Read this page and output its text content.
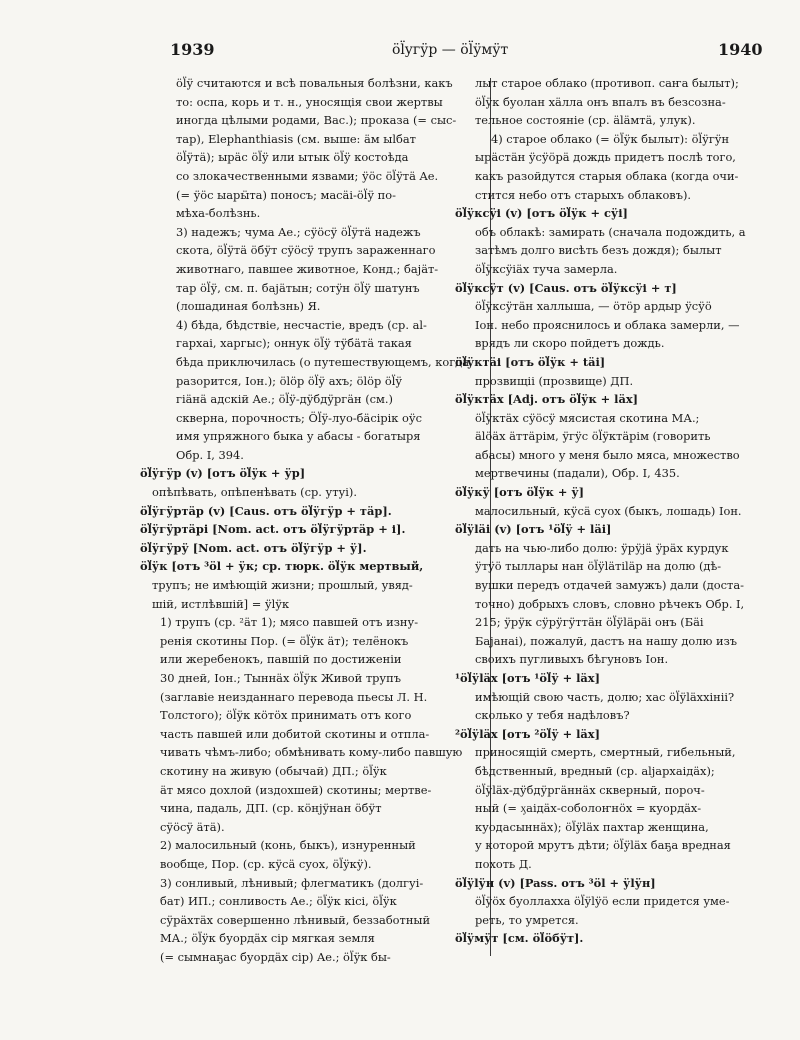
1939	öl̈yгӱр — öl̈ӱмӱт	1940
öl̈ӱ считаются и всѣ повальныя болѣзни, какъ
то: оспа, корь и т. н., уносящія свои жертвы
иногда цѣлыми родами, Вас.); проказа (= сыс-
тар), Elephanthiasis (см. выше: äм ыlбат
öl̈ӱтä); ырäс öl̈ӱ или ытык öl̈ӱ костоѣда
со злокачественными язвами; ӱöс öl̈ӱтä Ae.
(= ӱöс ыарӹтa) поносъ; масäi-öl̈ӱ по-
мѣха-болѣзнь.
3) надежъ; чума Ae.; сӱöсӱ öl̈ӱтä надежъ
скота, öl̈ӱтä öбӱт сӱöсӱ трупъ зараженнаго
животнаго, павшее животное, Конд.; баjäт-
тар öl̈ӱ, см. п. баjäтын; сотӱн öl̈ӱ шатунъ
(лошадиная болѣзнь) Я.
4) бѣда, бѣдствіе, несчастіе, вредъ (ср. аl-
гархаі, харгыс); оннук öl̈ӱ тӱбäтä такая
бѣда приключилась (о путешествующемъ, когда
разорится, Іон.); ölöр öl̈ӱ ахъ; ölöр öl̈ӱ
гiäнä адскiй Ae.; öl̈ӱ-дӱбдӱргäн (см.)
скверна, порочность; Öl̈ӱ-луо-бäсiрiк оӱс
имя упряжного быка у абасы - богатыря
Обр. I, 394.
öl̈ӱгӱр (v) [отъ öl̈ӱк + ӱр]
опѣпѣвать, опѣпенѣвать (ср. утуі).
öl̈ӱгӱртäр (v) [Caus. отъ öl̈ӱгӱр + тäр].
öl̈ӱгӱртäрi [Nom. act. отъ öl̈ӱгӱртäр + і].
öl̈ӱгӱрӱ [Nom. act. отъ öl̈ӱгӱр + ӱ].
öl̈ӱк [отъ ³öl + ӱк; ср. тюрк. öl̈ӱк мертвый,
трупъ; не имѣющій жизни; прошлый, увяд-
шій, истлѣвшій] = ӱlӱк
1) трупъ (ср. ²äт 1); мясо павшей отъ изну-
ренія скотины Пор. (= öl̈ӱк äт); телёнокъ
или жеребенокъ, павшій по достиженіи
30 дней, Іон.; Тыннäх öl̈ӱк Живой трупъ
(заглавіе неизданнаго перевода пьесы Л. Н.
Толстого); öl̈ӱк кöтöх принимать отъ кого
часть павшей или добитой скотины и отпла-
чивать чѣмъ-либо; обмѣнивать кому-либо павшую
скотину на живую (обычай) ДП.; öl̈ӱк
äт мясо дохлой (издохшей) скотины; мертве-
чина, падаль, ДП. (ср. кöнjӱнан öбӱт
сӱöсӱ äтä).
2) малосильный (конь, быкъ), изнуренный
вообще, Пор. (ср. кӱсä суох, öl̈ӱкӱ).
3) сонливый, лѣнивый; флегматикъ (долгуі-
бат) ИП.; сонливость Ae.; öl̈ӱк кісі, öl̈ӱк
сӱрäхтäх совершенно лѣнивый, беззаботный
МА.; öl̈ӱк буордäх сiр мягкая земля
(= сымнаҕас буордäх сiр) Ae.; öl̈ӱк бы-
лыт старое облако (противоп. саҥа былыт);
öl̈ӱк буолан хäлла онъ впалъ въ безсозна-
тельное состояніе (ср. äläмтä, улук).
4) старое облако (= öl̈ӱк былыт): öl̈ӱгӱн
ырäстäн ӱсӱöрä дождь придетъ послѣ того,
какъ разойдутся старыя облака (когда очи-
стится небо отъ старыхъ облаковъ).
öl̈ӱксӱі (v) [отъ öl̈ӱк + сӱі]
объ облакѣ: замирать (сначала подождить, а
затѣмъ долго висѣть безъ дождя); былыт
öl̈ӱксӱіäх туча замерла.
öl̈ӱксӱт (v) [Caus. отъ öl̈ӱксӱі + т]
öl̈ӱксӱтäн халлыша, — öтöр ардыр ӱсӱö
Іон. небо прояснилось и облака замерли, —
врядъ ли скоро пойдетъ дождь.
öl̈ӱктäі [отъ öl̈ӱк + täi]
прозвищіі (прозвище) ДП.
öl̈ӱктäх [Adj. отъ öl̈ӱк + läх]
öl̈ӱктäх сӱöсӱ мясистая скотина МА.;
älöäх äттäрiм, ӱгӱс öl̈ӱктäрiм (говорить
абасы) много у меня было мяса, множество
мертвечины (падали), Обр. I, 435.
öl̈ӱкӱ [отъ öl̈ӱк + ӱ]
малосильный, кӱсä суох (быкъ, лошадь) Іон.
öl̈ӱläi (v) [отъ ¹öl̈ӱ + läi]
дать на чью-либо долю: ӱрӱjä ӱрäх курдук
ӱтӱö тыллары нан öl̈ӱläтiläр на долю (дѣ-
вушки передъ отдачей замужъ) дали (доста-
точно) добрыхъ словъ, словно рѣчекъ Обр. I,
215; ӱрӱк сӱрӱгӱттäн öl̈ӱläрäі онъ (Бäi
Баjанаі), пожалуй, дастъ на нашу долю изъ
своихъ пугливыхъ бѣгуновъ Іон.
¹öl̈ӱläх [отъ ¹öl̈ӱ + läх]
имѣющій свою часть, долю; хас öl̈ӱläххiнiі?
сколько у тебя надѣловъ?
²öl̈ӱläх [отъ ²öl̈ӱ + läх]
приносящій смерть, смертный, гибельный,
бѣдственный, вредный (ср. аljархаiдäх);
öl̈ӱläх-дӱбдӱргäннäх скверный, пороч-
ный (= ӽаiдäх-соболоҥнöх = куордäх-
куодасыннäх); öl̈ӱläх пахтар женщина,
у которой мрутъ дѣти; öl̈ӱläх баҕа вредная
похоть Д.
öl̈ӱlӱн (v) [Pass. отъ ³öl + ӱlӱн]
öl̈ӱöх буоллаххa öl̈ӱlӱö если придется уме-
реть, то умрется.
öl̈ӱмӱт [см. öl̈öбӱт].
